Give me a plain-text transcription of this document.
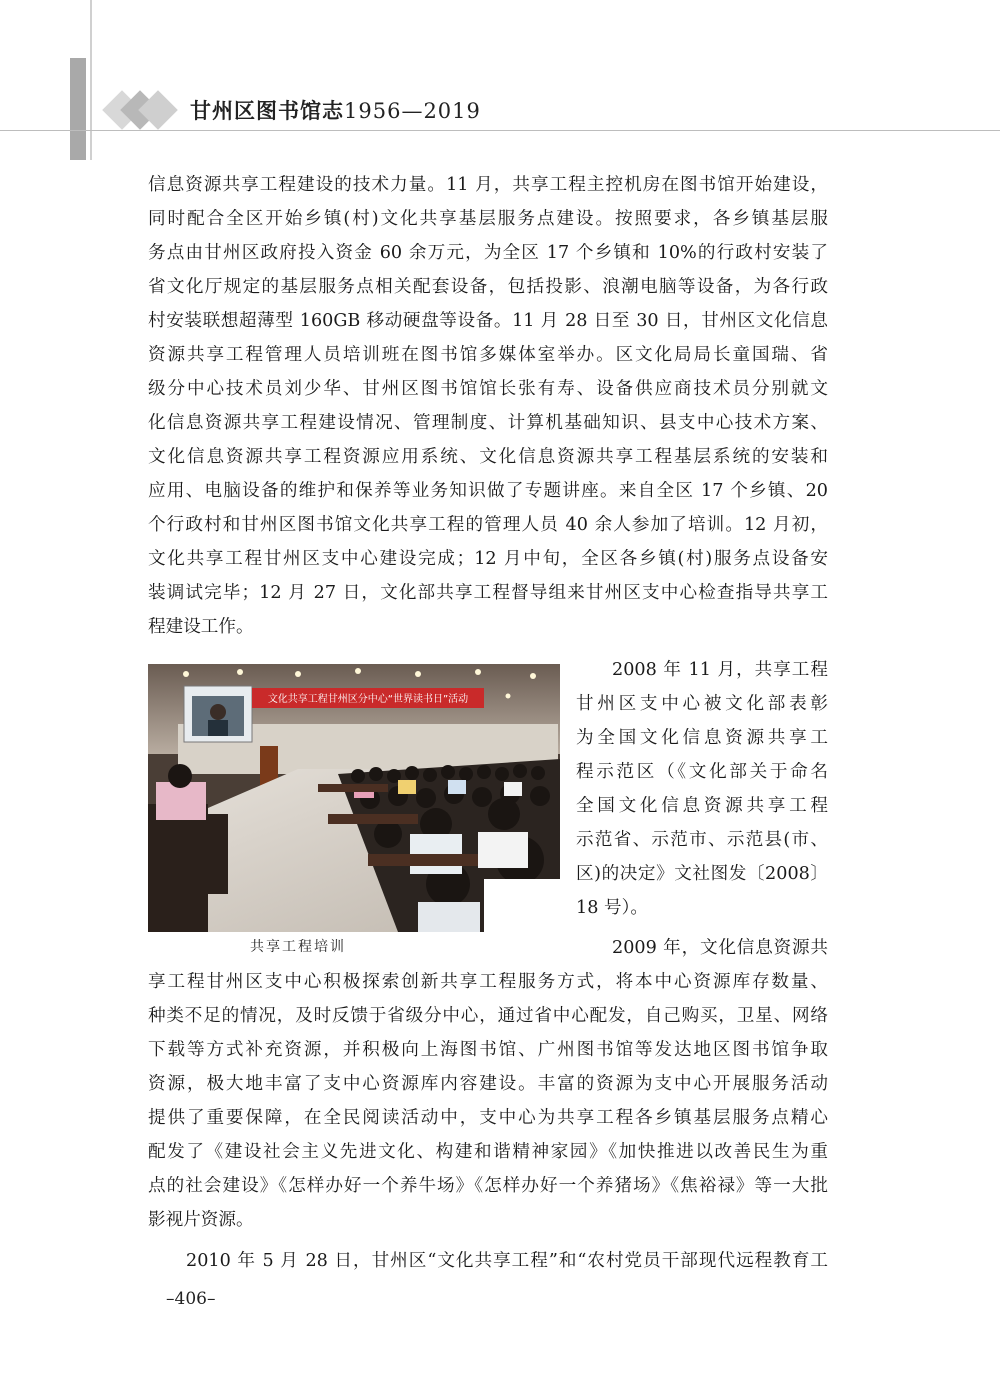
甘州区图书馆志1956—2019
信息资源共享工程建设的技术力量。11 月，共享工程主控机房在图书馆开始建设，
同时配合全区开始乡镇(村)文化共享基层服务点建设。按照要求，各乡镇基层服
务点由甘州区政府投入资金 60 余万元，为全区 17 个乡镇和 10%的行政村安装了
省文化厅规定的基层服务点相关配套设备，包括投影、浪潮电脑等设备，为各行政
村安装联想超薄型 160GB 移动硬盘等设备。11 月 28 日至 30 日，甘州区文化信息
资源共享工程管理人员培训班在图书馆多媒体室举办。区文化局局长童国瑞、省
级分中心技术员刘少华、甘州区图书馆馆长张有寿、设备供应商技术员分别就文
化信息资源共享工程建设情况、管理制度、计算机基础知识、县支中心技术方案、
文化信息资源共享工程资源应用系统、文化信息资源共享工程基层系统的安装和
应用、电脑设备的维护和保养等业务知识做了专题讲座。来自全区 17 个乡镇、20
个行政村和甘州区图书馆文化共享工程的管理人员 40 余人参加了培训。12 月初，
文化共享工程甘州区支中心建设完成；12 月中旬，全区各乡镇(村)服务点设备安
装调试完毕；12 月 27 日，文化部共享工程督导组来甘州区支中心检查指导共享工
程建设工作。
文化共享工程甘州区分中心“世界读书日”活动
共享工程培训
2008 年 11 月，共享工程
甘州区支中心被文化部表彰
为全国文化信息资源共享工
程示范区（《文化部关于命名
全国文化信息资源共享工程
示范省、示范市、示范县(市、
区)的决定》文社图发〔2008〕
18 号）。
2009 年，文化信息资源共
享工程甘州区支中心积极探索创新共享工程服务方式，将本中心资源库存数量、
种类不足的情况，及时反馈于省级分中心，通过省中心配发，自己购买，卫星、网络
下载等方式补充资源，并积极向上海图书馆、广州图书馆等发达地区图书馆争取
资源，极大地丰富了支中心资源库内容建设。丰富的资源为支中心开展服务活动
提供了重要保障，在全民阅读活动中，支中心为共享工程各乡镇基层服务点精心
配发了《建设社会主义先进文化、构建和谐精神家园》《加快推进以改善民生为重
点的社会建设》《怎样办好一个养牛场》《怎样办好一个养猪场》《焦裕禄》等一大批
影视片资源。
2010 年 5 月 28 日，甘州区“文化共享工程”和“农村党员干部现代远程教育工
–406–
